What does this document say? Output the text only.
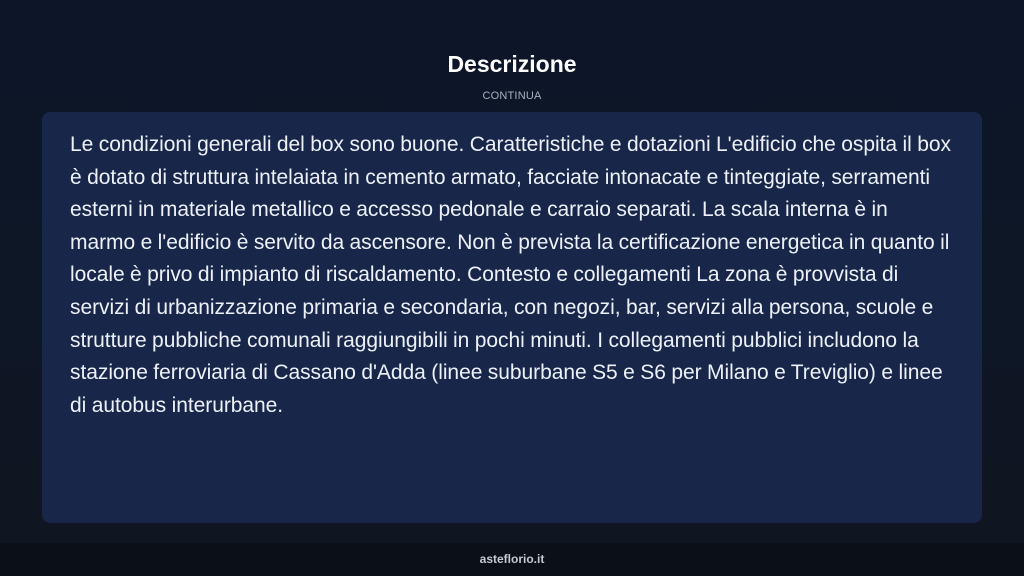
Descrizione
CONTINUA

Le condizioni generali del box sono buone. Caratteristiche e dotazioni L'edificio che ospita il box è dotato di struttura intelaiata in cemento armato, facciate intonacate e tinteggiate, serramenti esterni in materiale metallico e accesso pedonale e carraio separati. La scala interna è in marmo e l'edificio è servito da ascensore. Non è prevista la certificazione energetica in quanto il locale è privo di impianto di riscaldamento. Contesto e collegamenti La zona è provvista di servizi di urbanizzazione primaria e secondaria, con negozi, bar, servizi alla persona, scuole e strutture pubbliche comunali raggiungibili in pochi minuti. I collegamenti pubblici includono la stazione ferroviaria di Cassano d'Adda (linee suburbane S5 e S6 per Milano e Treviglio) e linee di autobus interurbane.

asteflorio.it
